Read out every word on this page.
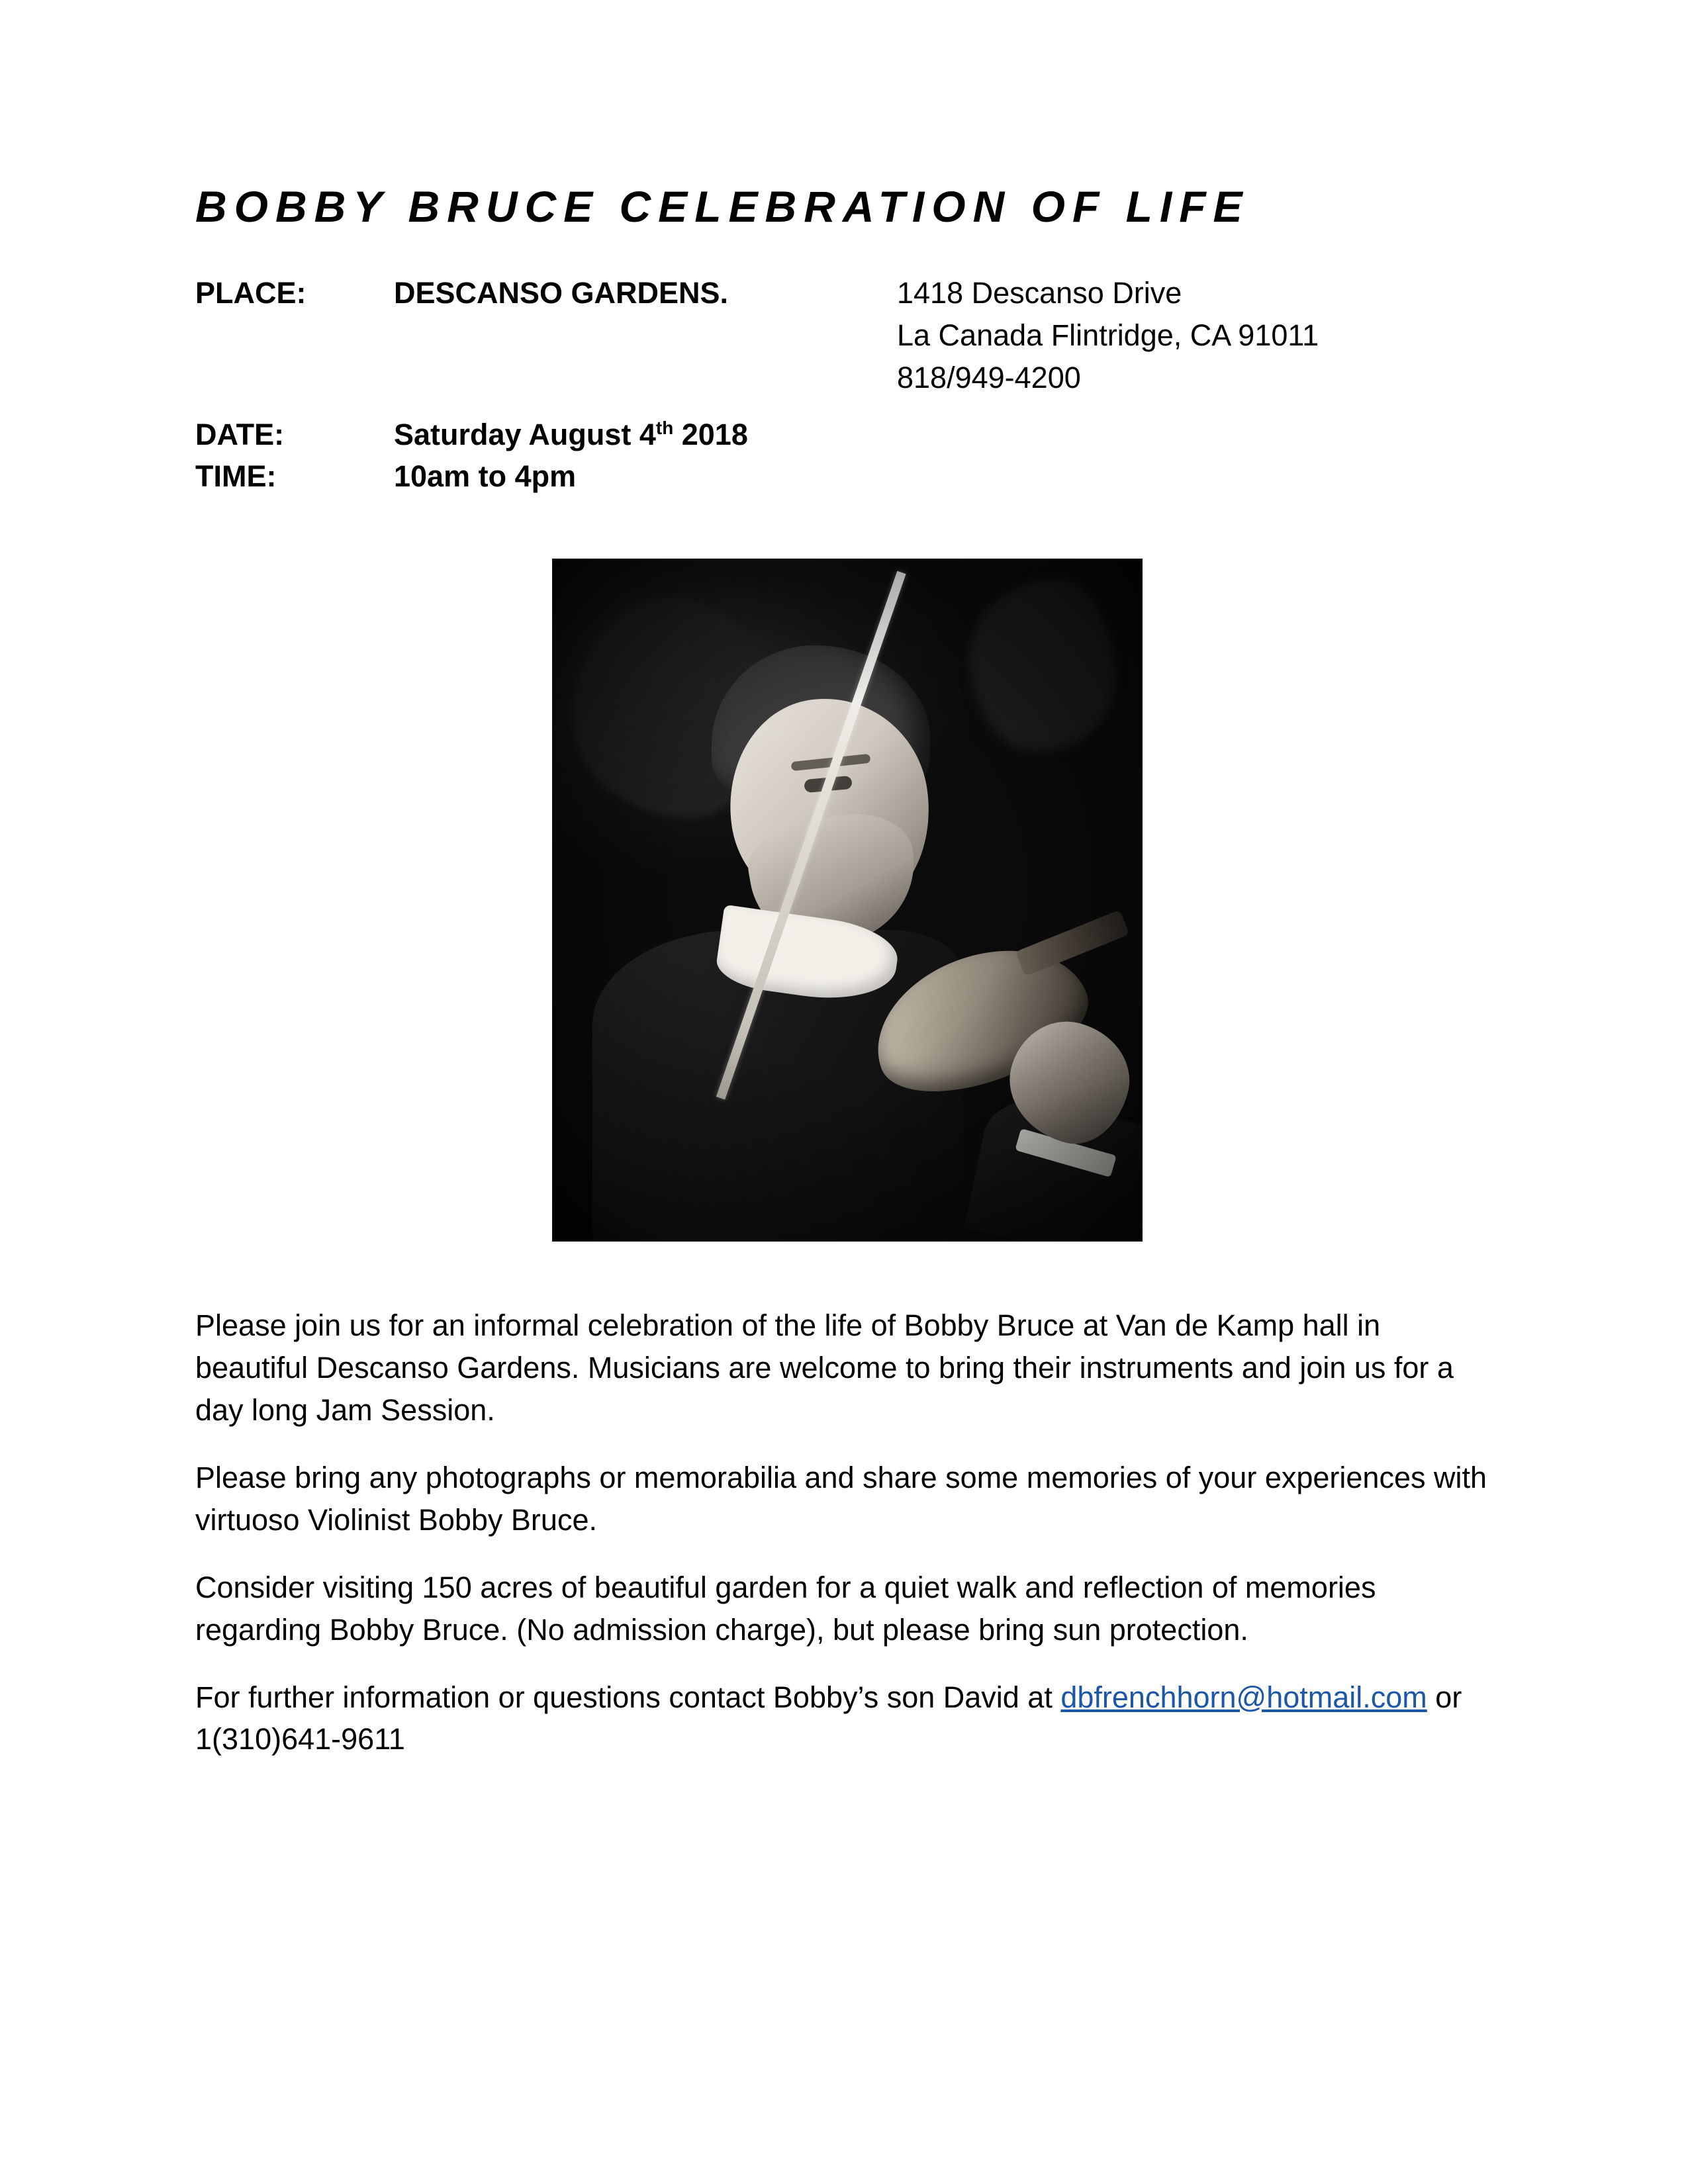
BOBBY BRUCE CELEBRATION OF LIFE
PLACE:	DESCANSO GARDENS.	1418 Descanso Drive
La Canada Flintridge, CA 91011
818/949-4200
DATE:	Saturday August 4th 2018
TIME:	10am to 4pm

Please join us for an informal celebration of the life of Bobby Bruce at Van de Kamp hall in beautiful Descanso Gardens. Musicians are welcome to bring their instruments and join us for a day long Jam Session.

Please bring any photographs or memorabilia and share some memories of your experiences with virtuoso Violinist Bobby Bruce.

Consider visiting 150 acres of beautiful garden for a quiet walk and reflection of memories regarding Bobby Bruce. (No admission charge), but please bring sun protection.

For further information or questions contact Bobby’s son David at dbfrenchhorn@hotmail.com or 1(310)641-9611
